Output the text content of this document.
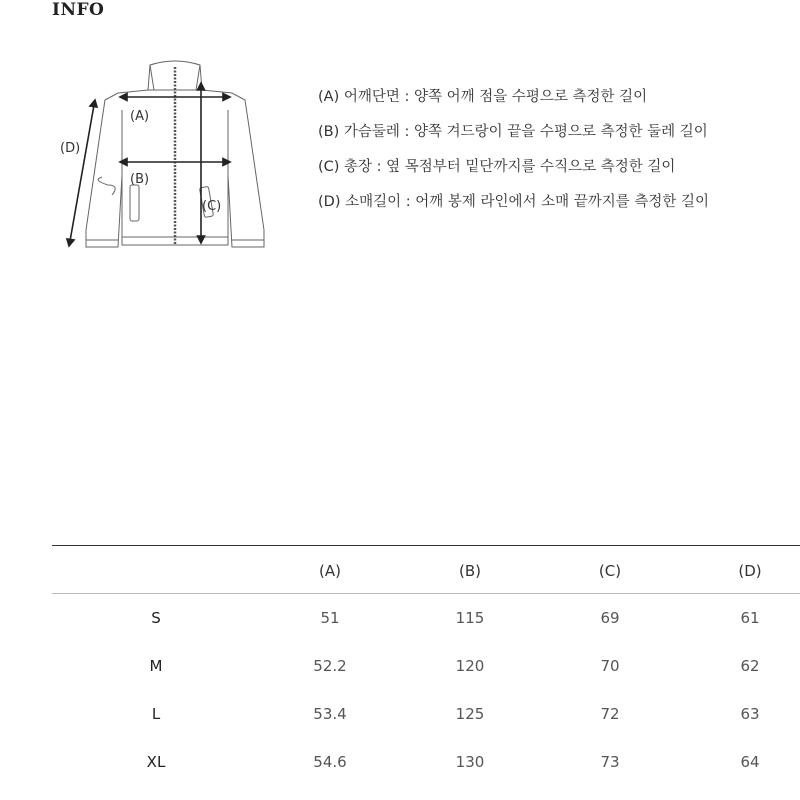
INFO
(A)
(B)
(C)
(D)
(A) 어깨단면 : 양쪽 어깨 점을 수평으로 측정한 길이
(B) 가슴둘레 : 양쪽 겨드랑이 끝을 수평으로 측정한 둘레 길이
(C) 총장 : 옆 목점부터 밑단까지를 수직으로 측정한 길이
(D) 소매길이 : 어깨 봉제 라인에서 소매 끝까지를 측정한 길이
	(A)	(B)	(C)	(D)
S	51	115	69	61
M	52.2	120	70	62
L	53.4	125	72	63
XL	54.6	130	73	64
